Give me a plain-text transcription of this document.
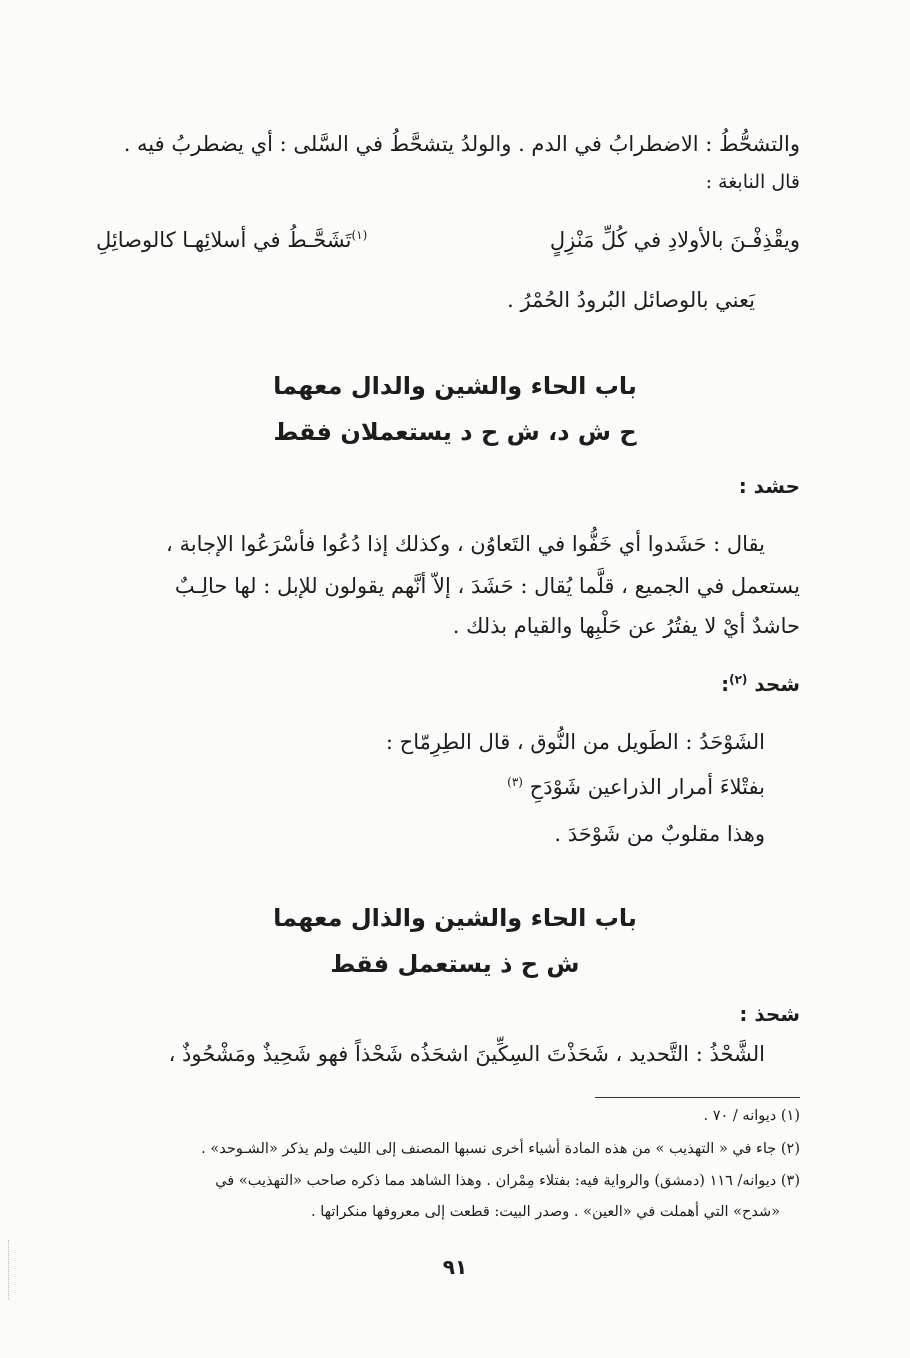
والتشحُّطُ : الاضطرابُ في الدم . والولدُ يتشحَّطُ في السَّلى : أي يضطربُ فيه .
قال النابغة :
ويقْذِفْـنَ بالأولادِ في كُلِّ مَنْزِلٍ
$^{(١)}$تَشَحَّـطُ في أسلائِهـا كالوصائِلِ
يَعني بالوصائل البُرودُ الحُمْرُ .
باب الحاء والشين والدال معهما
ح ش د، ش ح د يستعملان فقط
حشد :
يقال : حَشَدوا أي خَفُّوا في التَعاوُن ، وكذلك إذا دُعُوا فأسْرَعُوا الإجابة ،
يستعمل في الجميع ، قلَّما يُقال : حَشَدَ ، إلاّ أنَّهم يقولون للإبل : لها حالِـبٌ
حاشدٌ أيْ لا يفتُرُ عن حَلْبِها والقيام بذلك .
شحد $^{(٢)}$:
الشَوْحَدُ : الطَويل من النُّوق ، قال الطِرِمّاح :
بفتْلاءَ أمرار الذراعين شَوْدَحِ $^{(٣)}$
وهذا مقلوبٌ من شَوْحَدَ .
باب الحاء والشين والذال معهما
ش ح ذ يستعمل فقط
شحذ :
الشَّحْذُ : التَّحديد ، شَحَذْتَ السِكِّينَ اشحَذُه شَحْذاً فهو شَحِيذٌ ومَشْحُوذٌ ،
(١) ديوانه / ٧٠ .
(٢) جاء في « التهذيب » من هذه المادة أشياء أخرى نسبها المصنف إلى الليث ولم يذكر «الشـوحد» .
(٣) ديوانه/ ١١٦ (دمشق) والرواية فيه: بفتلاء مِمْران . وهذا الشاهد مما ذكره صاحب «التهذيب» في
«شدح» التي أهملت في «العين» . وصدر البيت: قطعت إلى معروفها منكراتها .
٩١
